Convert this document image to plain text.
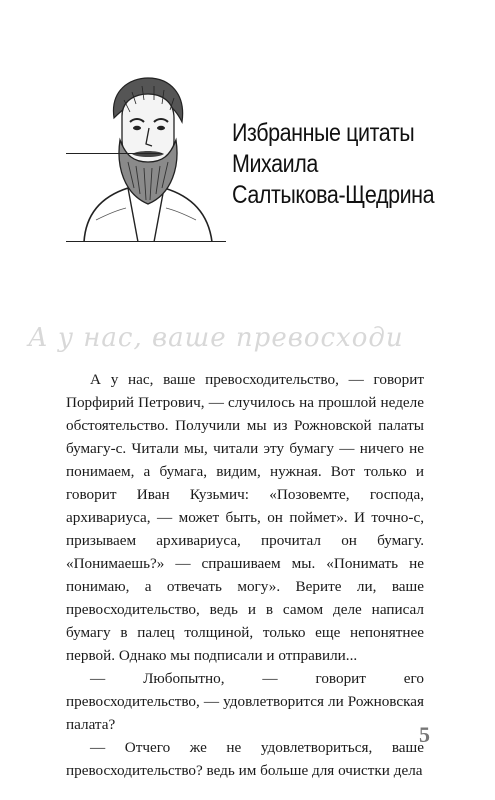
Избранные цитаты
Михаила
Салтыкова-Щедрина
А у нас, ваше превосходи

А у нас, ваше превосходительство, — говорит Порфирий Петрович, — случилось на прошлой неделе обстоятельство. Получили мы из Рожновской палаты бумагу-с. Читали мы, читали эту бумагу — ничего не понимаем, а бумага, видим, нужная. Вот только и говорит Иван Кузьмич: «Позовемте, господа, архивариуса, — может быть, он поймет». И точно-с, призываем архивариуса, прочитал он бумагу. «Понимаешь?» — спрашиваем мы. «Понимать не понимаю, а отвечать могу». Верите ли, ваше превосходительство, ведь и в самом деле написал бумагу в палец толщиной, только еще непонятнее первой. Однако мы подписали и отправили...

— Любопытно, — говорит его превосходительство, — удовлетворится ли Рожновская палата?

— Отчего же не удовлетвориться, ваше превосходительство? ведь им больше для очистки дела

5
